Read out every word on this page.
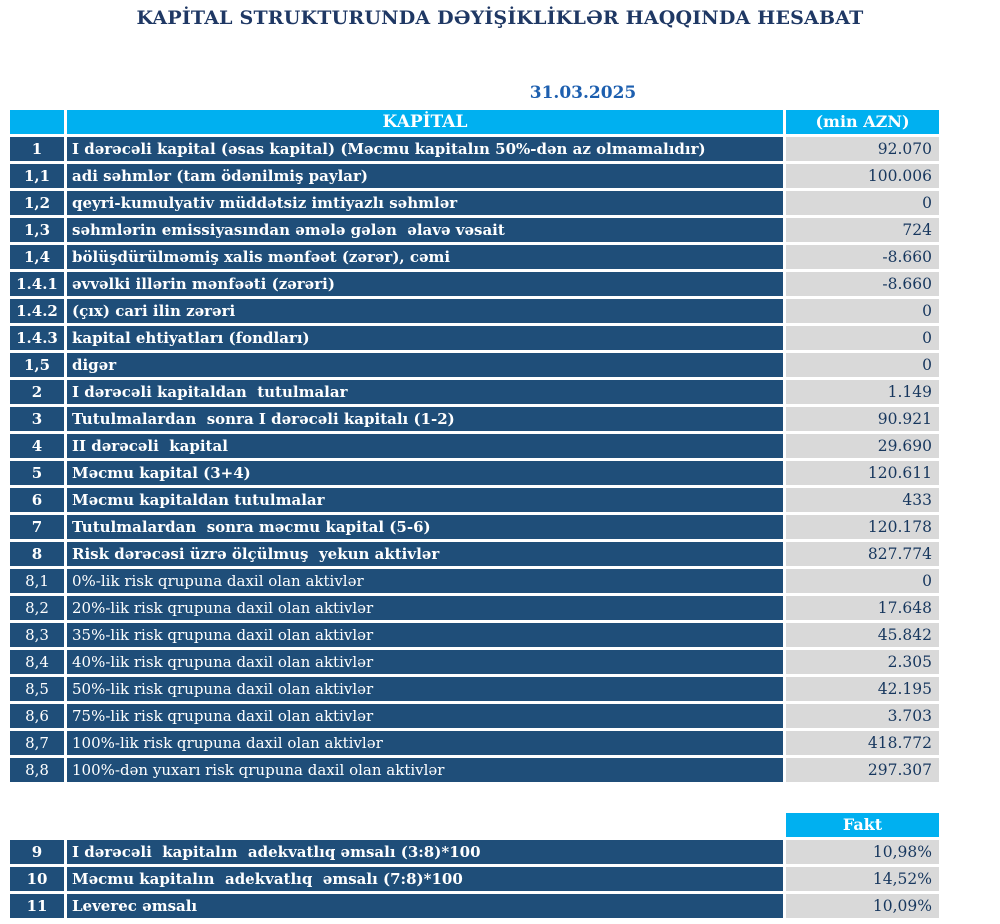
KAPİTAL STRUKTURUNDA DƏYİŞİKLİKLƏR HAQQINDA HESABAT
31.03.2025
	KAPİTAL	(min AZN)
1	I dərəcəli kapital (əsas kapital) (Məcmu kapitalın 50%-dən az olmamalıdır)	92.070
1,1	adi səhmlər (tam ödənilmiş paylar)	100.006
1,2	qeyri-kumulyativ müddətsiz imtiyazlı səhmlər	0
1,3	səhmlərin emissiyasından əmələ gələn  əlavə vəsait	724
1,4	bölüşdürülməmiş xalis mənfəət (zərər), cəmi	-8.660
1.4.1	əvvəlki illərin mənfəəti (zərəri)	-8.660
1.4.2	(çıx) cari ilin zərəri	0
1.4.3	kapital ehtiyatları (fondları)	0
1,5	digər	0
2	I dərəcəli kapitaldan  tutulmalar	1.149
3	Tutulmalardan  sonra I dərəcəli kapitalı (1-2)	90.921
4	II dərəcəli  kapital	29.690
5	Məcmu kapital (3+4)	120.611
6	Məcmu kapitaldan tutulmalar	433
7	Tutulmalardan  sonra məcmu kapital (5-6)	120.178
8	Risk dərəcəsi üzrə ölçülmuş  yekun aktivlər	827.774
8,1	0%-lik risk qrupuna daxil olan aktivlər	0
8,2	20%-lik risk qrupuna daxil olan aktivlər	17.648
8,3	35%-lik risk qrupuna daxil olan aktivlər	45.842
8,4	40%-lik risk qrupuna daxil olan aktivlər	2.305
8,5	50%-lik risk qrupuna daxil olan aktivlər	42.195
8,6	75%-lik risk qrupuna daxil olan aktivlər	3.703
8,7	100%-lik risk qrupuna daxil olan aktivlər	418.772
8,8	100%-dən yuxarı risk qrupuna daxil olan aktivlər	297.307
		Fakt
9	I dərəcəli  kapitalın  adekvatlıq əmsalı (3:8)*100	10,98%
10	Məcmu kapitalın  adekvatlıq  əmsalı (7:8)*100	14,52%
11	Leverec əmsalı	10,09%
